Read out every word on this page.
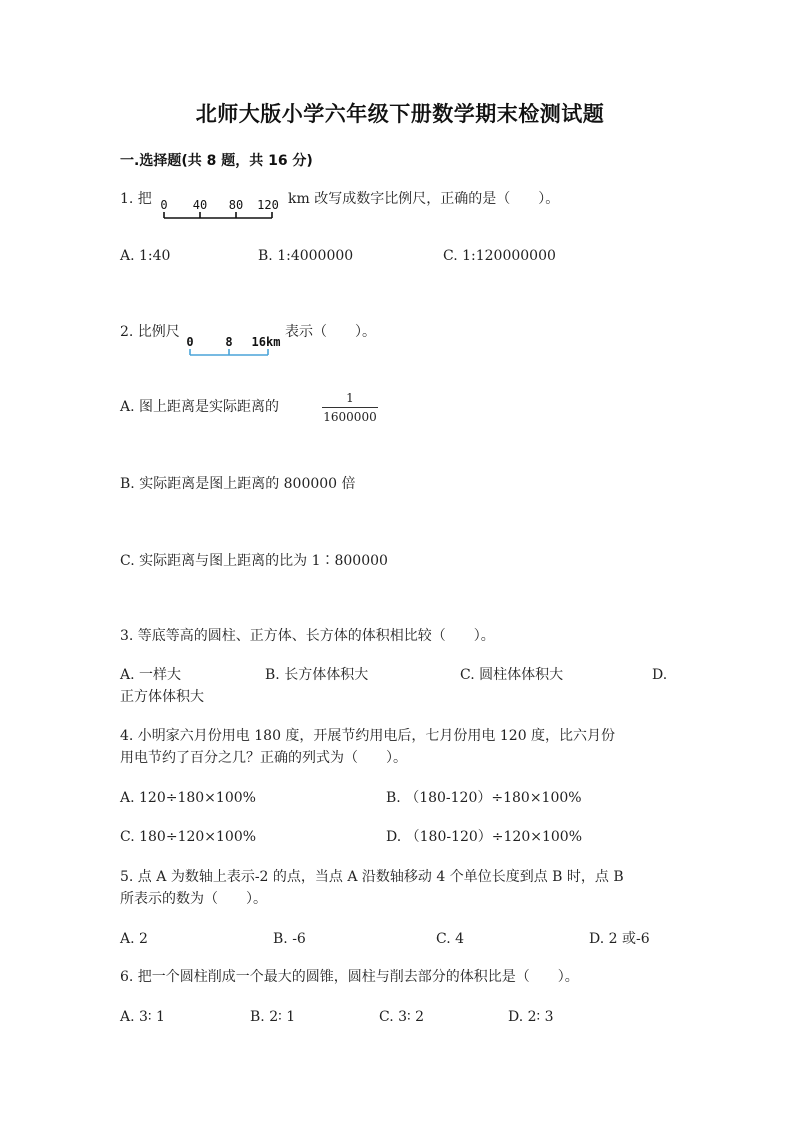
北师大版小学六年级下册数学期末检测试题
一.选择题(共 8 题，共 16 分)
1. 把 0 40 80 120 km 改写成数字比例尺，正确的是（　　）。
A. 1:40	B. 1:4000000	C. 1:120000000
2. 比例尺
0	8 16km
表示（　　）。
A. 图上距离是实际距离的
1
1600000
B. 实际距离是图上距离的 800000 倍
C. 实际距离与图上距离的比为 1∶800000
3. 等底等高的圆柱、正方体、长方体的体积相比较（　　）。
A. 一样大	B. 长方体体积大	C. 圆柱体体积大	D.
正方体体积大
4. 小明家六月份用电 180 度，开展节约用电后，七月份用电 120 度，比六月份
用电节约了百分之几？正确的列式为（　　）。
A. 120÷180×100%	B. （180-120）÷180×100%
C. 180÷120×100%	D. （180-120）÷120×100%
5. 点 A 为数轴上表示-2 的点，当点 A 沿数轴移动 4 个单位长度到点 B 时，点 B
所表示的数为（　　）。
A. 2	B. -6	C. 4	D. 2 或-6
6. 把一个圆柱削成一个最大的圆锥，圆柱与削去部分的体积比是（　　）。
A. 3∶ 1	B. 2∶ 1	C. 3∶ 2	D. 2∶ 3
